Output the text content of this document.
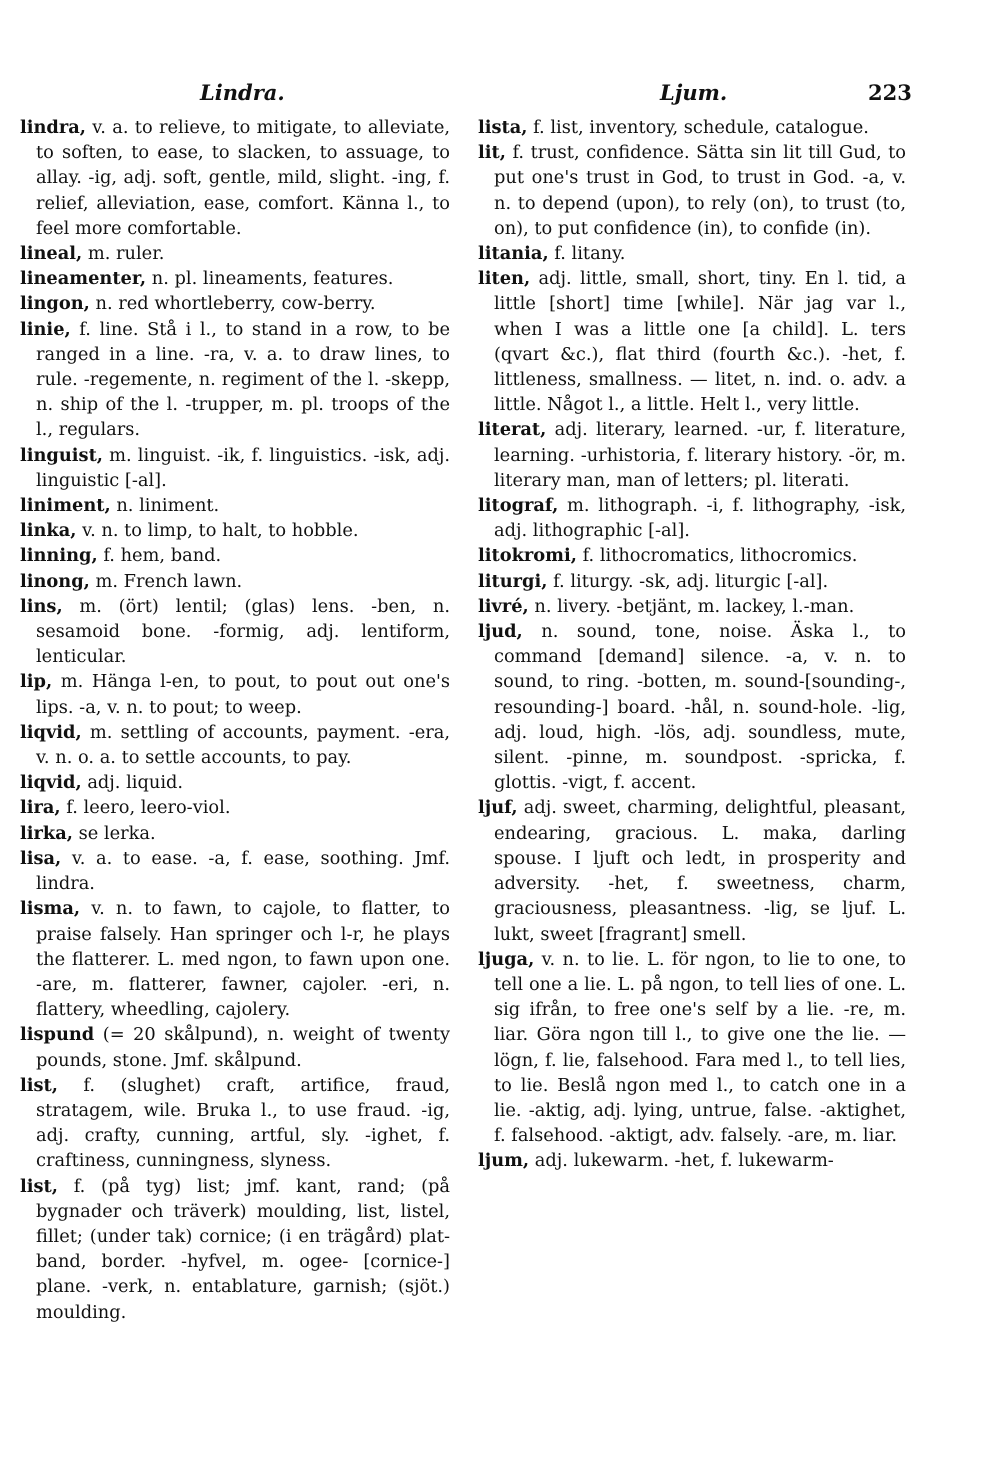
Lindra.	Ljum.	223

lindra, v. a. to relieve, to mitigate, to alleviate, to soften, to ease, to slacken, to assuage, to allay. -ig, adj. soft, gentle, mild, slight. -ing, f. relief, alleviation, ease, comfort. Känna l., to feel more comfortable.

lineal, m. ruler.

lineamenter, n. pl. lineaments, features.

lingon, n. red whortleberry, cow-berry.

linie, f. line. Stå i l., to stand in a row, to be ranged in a line. -ra, v. a. to draw lines, to rule. -regemente, n. regiment of the l. -skepp, n. ship of the l. -trupper, m. pl. troops of the l., regulars.

linguist, m. linguist. -ik, f. linguistics. -isk, adj. linguistic [-al].

liniment, n. liniment.

linka, v. n. to limp, to halt, to hobble.

linning, f. hem, band.

linong, m. French lawn.

lins, m. (ört) lentil; (glas) lens. -ben, n. sesamoid bone. -formig, adj. lentiform, lenticular.

lip, m. Hänga l-en, to pout, to pout out one's lips. -a, v. n. to pout; to weep.

liqvid, m. settling of accounts, payment. -era, v. n. o. a. to settle accounts, to pay.

liqvid, adj. liquid.

lira, f. leero, leero-viol.

lirka, se lerka.

lisa, v. a. to ease. -a, f. ease, soothing. Jmf. lindra.

lisma, v. n. to fawn, to cajole, to flatter, to praise falsely. Han springer och l-r, he plays the flatterer. L. med ngon, to fawn upon one. -are, m. flatterer, fawner, cajoler. -eri, n. flattery, wheedling, cajolery.

lispund (= 20 skålpund), n. weight of twenty pounds, stone. Jmf. skålpund.

list, f. (slughet) craft, artifice, fraud, stratagem, wile. Bruka l., to use fraud. -ig, adj. crafty, cunning, artful, sly. -ighet, f. craftiness, cunningness, slyness.

list, f. (på tyg) list; jmf. kant, rand; (på bygnader och träverk) moulding, list, listel, fillet; (under tak) cornice; (i en trägård) plat-band, border. -hyfvel, m. ogee- [cornice-] plane. -verk, n. entablature, garnish; (sjöt.) moulding.

lista, f. list, inventory, schedule, catalogue.

lit, f. trust, confidence. Sätta sin lit till Gud, to put one's trust in God, to trust in God. -a, v. n. to depend (upon), to rely (on), to trust (to, on), to put confidence (in), to confide (in).

litania, f. litany.

liten, adj. little, small, short, tiny. En l. tid, a little [short] time [while]. När jag var l., when I was a little one [a child]. L. ters (qvart &c.), flat third (fourth &c.). -het, f. littleness, smallness. — litet, n. ind. o. adv. a little. Något l., a little. Helt l., very little.

literat, adj. literary, learned. -ur, f. literature, learning. -urhistoria, f. literary history. -ör, m. literary man, man of letters; pl. literati.

litograf, m. lithograph. -i, f. lithography, -isk, adj. lithographic [-al].

litokromi, f. lithocromatics, lithocromics.

liturgi, f. liturgy. -sk, adj. liturgic [-al].

livré, n. livery. -betjänt, m. lackey, l.-man.

ljud, n. sound, tone, noise. Äska l., to command [demand] silence. -a, v. n. to sound, to ring. -botten, m. sound-[sounding-, resounding-] board. -hål, n. sound-hole. -lig, adj. loud, high. -lös, adj. soundless, mute, silent. -pinne, m. soundpost. -spricka, f. glottis. -vigt, f. accent.

ljuf, adj. sweet, charming, delightful, pleasant, endearing, gracious. L. maka, darling spouse. I ljuft och ledt, in prosperity and adversity. -het, f. sweetness, charm, graciousness, pleasantness. -lig, se ljuf. L. lukt, sweet [fragrant] smell.

ljuga, v. n. to lie. L. för ngon, to lie to one, to tell one a lie. L. på ngon, to tell lies of one. L. sig ifrån, to free one's self by a lie. -re, m. liar. Göra ngon till l., to give one the lie. — lögn, f. lie, falsehood. Fara med l., to tell lies, to lie. Beslå ngon med l., to catch one in a lie. -aktig, adj. lying, untrue, false. -aktighet, f. falsehood. -aktigt, adv. falsely. -are, m. liar.

ljum, adj. lukewarm. -het, f. lukewarm-
